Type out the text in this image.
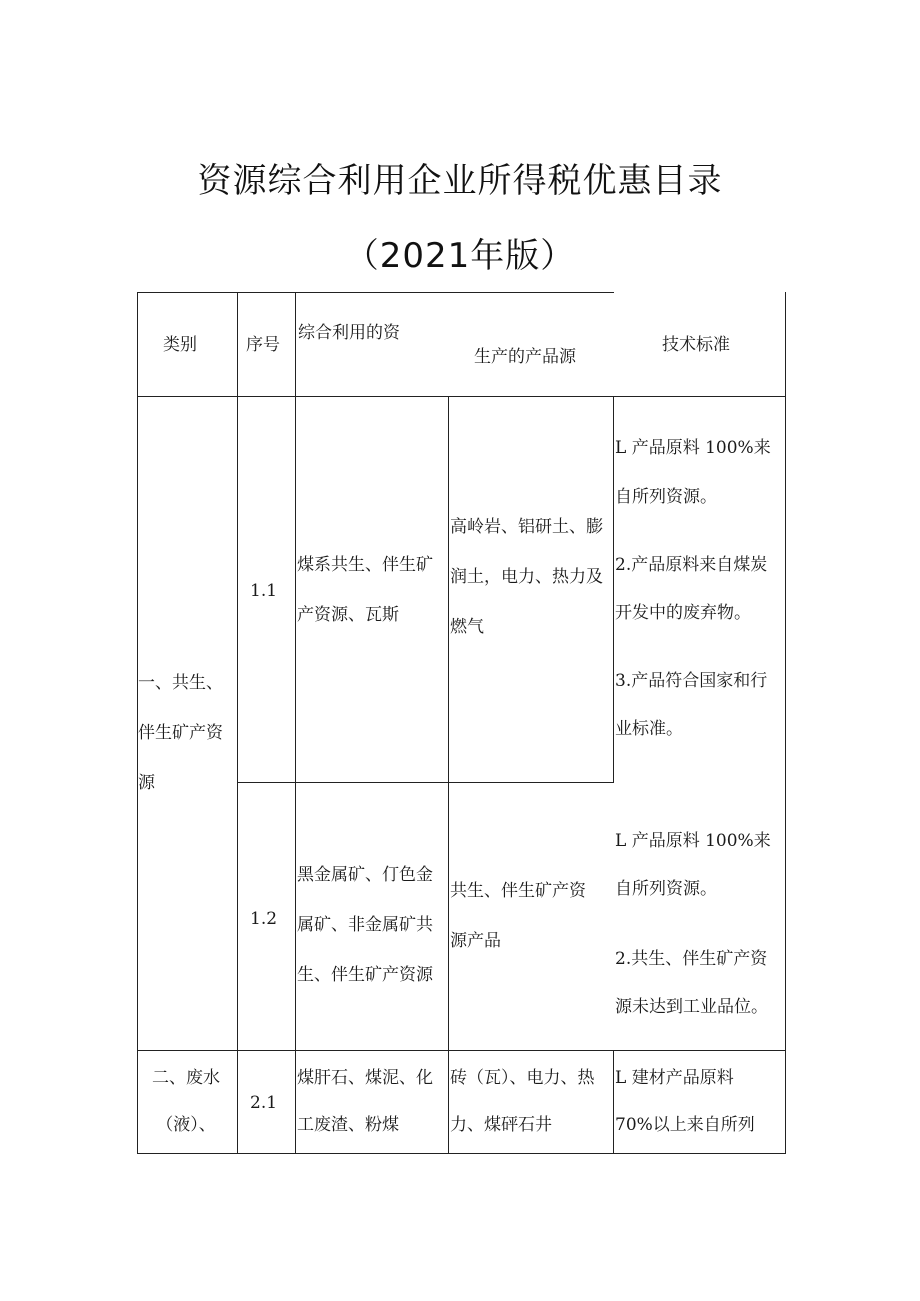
资源综合利用企业所得税优惠目录
（2021年版）
类别	序号
综合利用的资
生产的产品源
技术标准
一、共生、伴生矿产资源
1.1
煤系共生、伴生矿产资源、瓦斯
高岭岩、铝研土、膨润土，电力、热力及燃气
L 产品原料 100%来
自所列资源。
2.产品原料来自煤炭
开发中的废弃物。
3.产品符合国家和行
业标准。
1.2
黑金属矿、仃色金属矿、非金属矿共生、伴生矿产资源
共生、伴生矿产资源产品
L 产品原料 100%来
自所列资源。
2.共生、伴生矿产资
源未达到工业品位。
二、废水（液）、
2.1
煤肝石、煤泥、化工废渣、粉煤
砖（瓦）、电力、热力、煤砰石井
L 建材产品原料
70%以上来自所列
